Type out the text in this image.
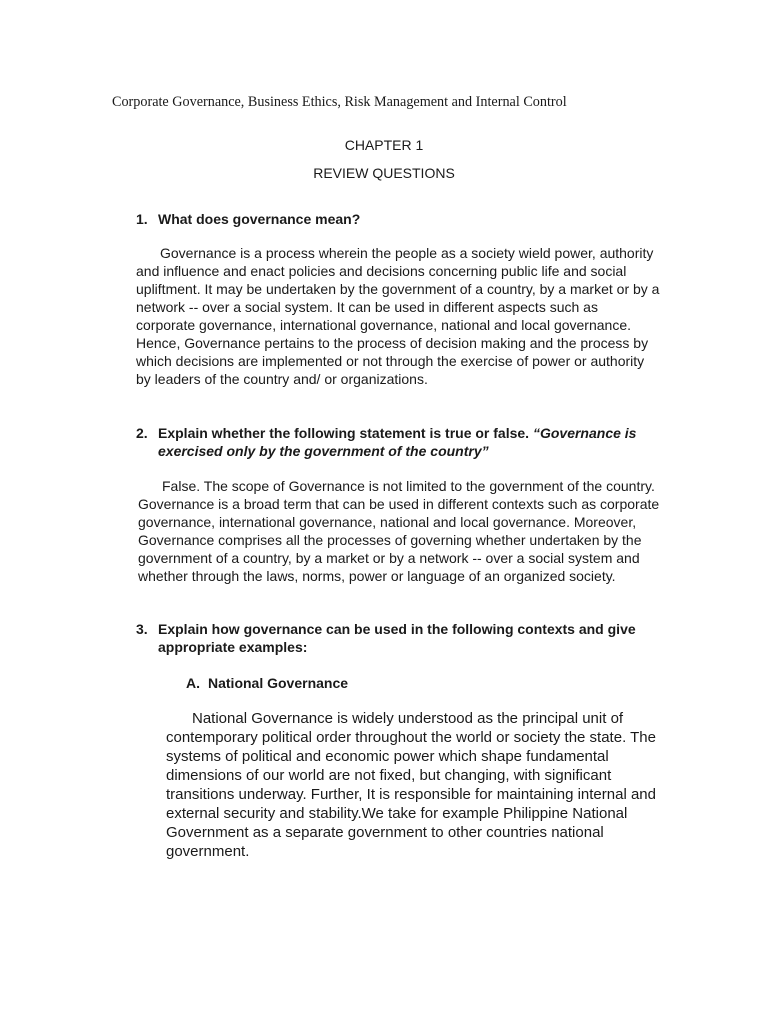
Corporate Governance, Business Ethics, Risk Management and Internal Control
CHAPTER 1
REVIEW QUESTIONS
1. What does governance mean?

Governance is a process wherein the people as a society wield power, authority and influence and enact policies and decisions concerning public life and social upliftment. It may be undertaken by the government of a country, by a market or by a network -- over a social system. It can be used in different aspects such as corporate governance, international governance, national and local governance. Hence, Governance pertains to the process of decision making and the process by which decisions are implemented or not through the exercise of power or authority by leaders of the country and/ or organizations.

2. Explain whether the following statement is true or false. “Governance is exercised only by the government of the country”

False. The scope of Governance is not limited to the government of the country. Governance is a broad term that can be used in different contexts such as corporate governance, international governance, national and local governance. Moreover, Governance comprises all the processes of governing whether undertaken by the government of a country, by a market or by a network -- over a social system and whether through the laws, norms, power or language of an organized society.

3. Explain how governance can be used in the following contexts and give appropriate examples:
A. National Governance

National Governance is widely understood as the principal unit of contemporary political order throughout the world or society the state. The systems of political and economic power which shape fundamental dimensions of our world are not fixed, but changing, with significant transitions underway. Further, It is responsible for maintaining internal and external security and stability.We take for example Philippine National Government as a separate government to other countries national government.
